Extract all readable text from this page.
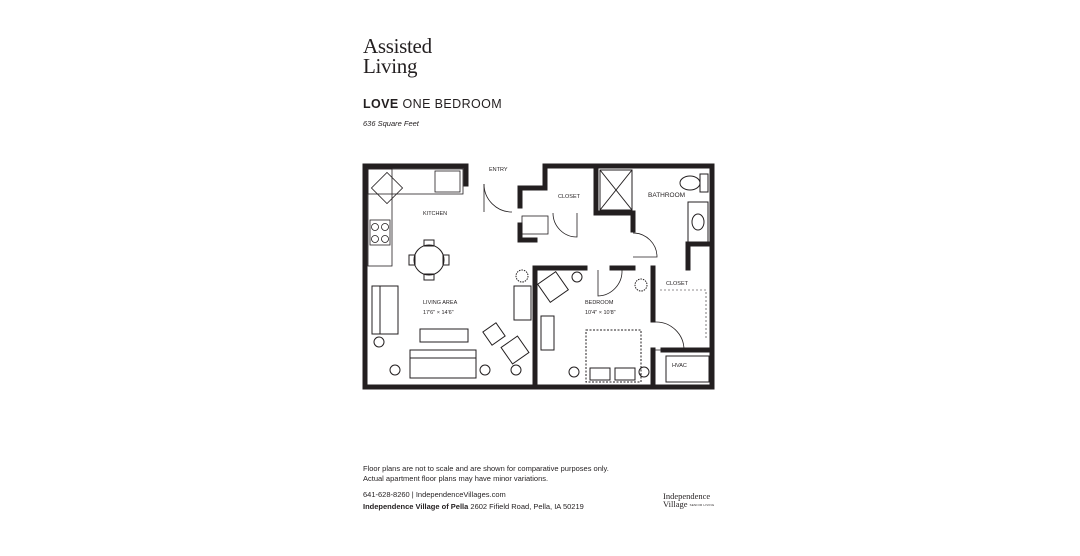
Assisted
Living
LOVE ONE BEDROOM
636 Square Feet
ENTRY
KITCHEN
CLOSET	BATHROOM
CLOSET
LIVING AREA
17'6" × 14'6"
BEDROOM
10'4" × 10'8"
HVAC
Floor plans are not to scale and are shown for comparative purposes only.
Actual apartment floor plans may have minor variations.
641-628-8260 | IndependenceVillages.com
Independence Village of Pella 2602 Fifield Road, Pella, IA 50219
Independence
Village SENIOR LIVING
